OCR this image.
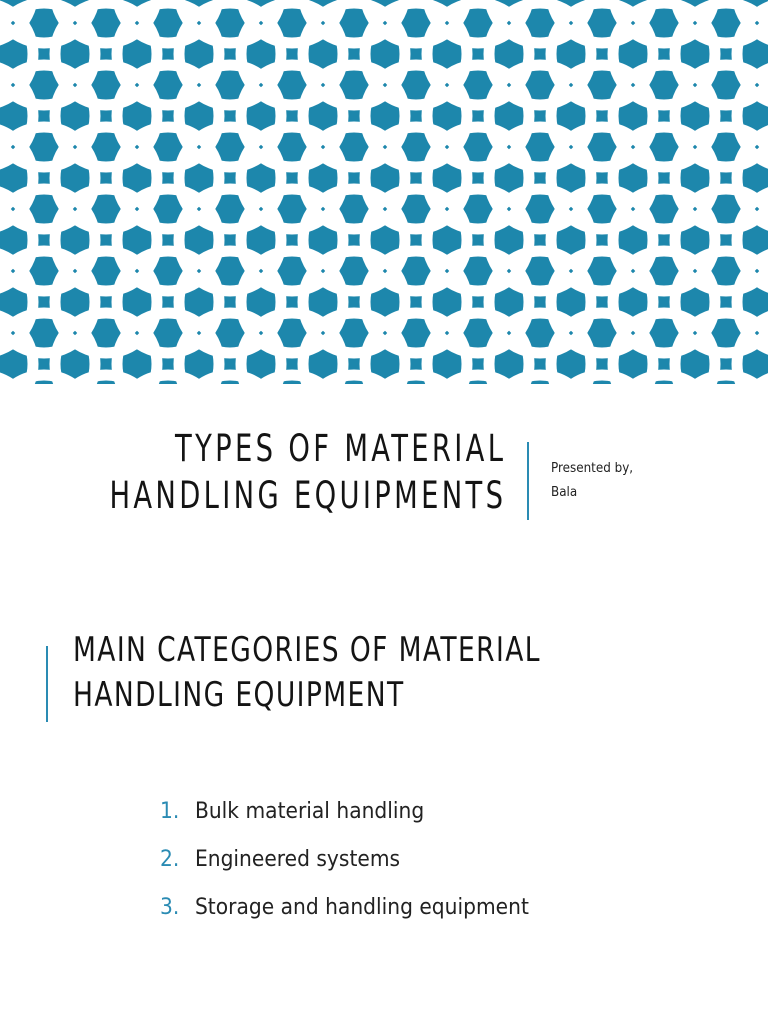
TYPES OF MATERIAL
HANDLING EQUIPMENTS
Presented by,
Bala
MAIN CATEGORIES OF MATERIAL
HANDLING EQUIPMENT
1. Bulk material handling
2. Engineered systems
3. Storage and handling equipment
